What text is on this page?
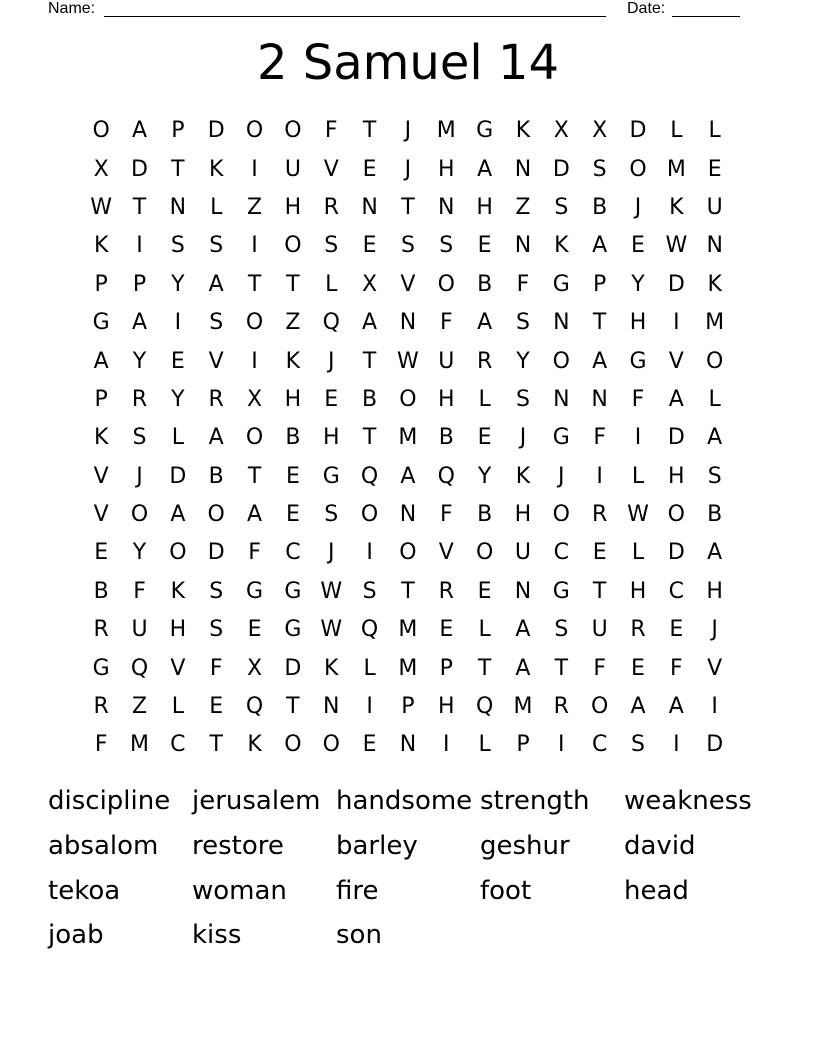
Name:	Date:
2 Samuel 14
O	A	P	D O O	F	T	J	M G	K	X	X	D	L	L
X	D	T	K	I	U	V	E	J	H	A	N D	S	O M E
W T	N	L	Z	H	R	N	T	N H	Z	S	B	J	K	U
K	I	S	S	I	O	S	E	S	S	E	N	K	A	E W N
P	P	Y	A	T	T	L	X	V	O	B	F	G	P	Y	D	K
G	A	I	S	O	Z	Q	A	N	F	A	S	N	T	H	I	M
A	Y	E	V	I	K	J	T W U	R	Y	O	A	G	V	O
P	R	Y	R	X	H	E	B	O H	L	S	N N	F	A	L
K	S	L	A	O	B	H	T	M B	E	J	G	F	I	D	A
V	J	D	B	T	E	G Q	A	Q	Y	K	J	I	L	H	S
V	O	A	O	A	E	S	O N	F	B	H O	R W O	B
E	Y	O D	F	C	J	I	O	V	O U	C	E	L	D	A
B	F	K	S	G G W S	T	R	E	N G	T	H	C	H
R	U	H	S	E	G W Q M E	L	A	S	U	R	E	J
G Q	V	F	X	D	K	L	M	P	T	A	T	F	E	F	V
R	Z	L	E	Q	T	N	I	P	H Q M R	O	A	A	I
F	M C	T	K	O O	E	N	I	L	P	I	C	S	I	D
discipline jerusalem handsome strength	weakness
absalom	restore	barley	geshur	david
tekoa	woman	fire	foot	head
joab	kiss	son
